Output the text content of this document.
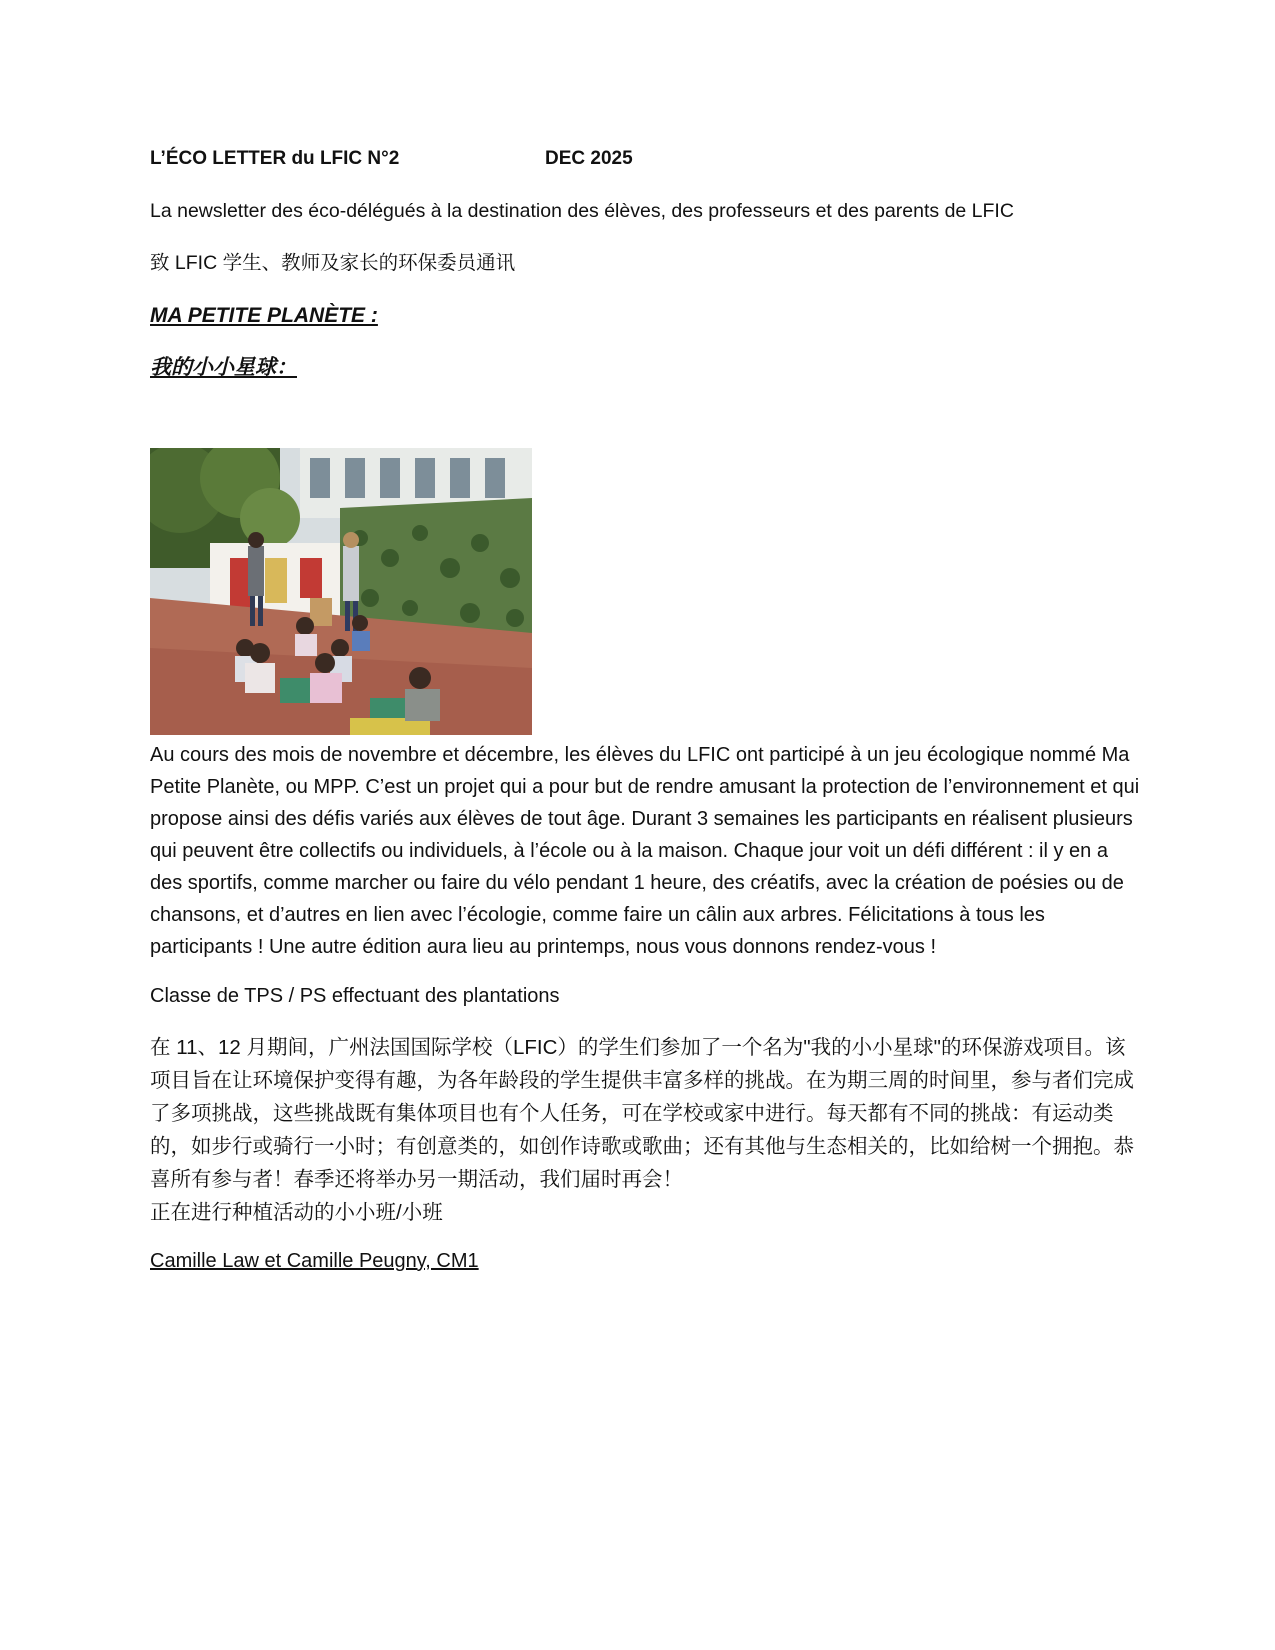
L’ÉCO LETTER du LFIC N°2	DEC 2025

La newsletter des éco-délégués à la destination des élèves, des professeurs et des parents de LFIC

致 LFIC 学生、教师及家长的环保委员通讯

MA PETITE PLANÈTE :

我的小小星球：

Au cours des mois de novembre et décembre, les élèves du LFIC ont participé à un jeu écologique nommé Ma Petite Planète, ou MPP. C’est un projet qui a pour but de rendre amusant la protection de l’environnement et qui propose ainsi des défis variés aux élèves de tout âge. Durant 3 semaines les participants en réalisent plusieurs qui peuvent être collectifs ou individuels, à l’école ou à la maison. Chaque jour voit un défi différent : il y en a des sportifs, comme marcher ou faire du vélo pendant 1 heure, des créatifs, avec la création de poésies ou de chansons, et d’autres en lien avec l’écologie, comme faire un câlin aux arbres. Félicitations à tous les participants ! Une autre édition aura lieu au printemps, nous vous donnons rendez-vous !

Classe de TPS / PS effectuant des plantations

在 11、12 月期间，广州法国国际学校（LFIC）的学生们参加了一个名为"我的小小星球"的环保游戏项目。该项目旨在让环境保护变得有趣，为各年龄段的学生提供丰富多样的挑战。在为期三周的时间里，参与者们完成了多项挑战，这些挑战既有集体项目也有个人任务，可在学校或家中进行。每天都有不同的挑战：有运动类的，如步行或骑行一小时；有创意类的，如创作诗歌或歌曲；还有其他与生态相关的，比如给树一个拥抱。恭喜所有参与者！春季还将举办另一期活动，我们届时再会！

正在进行种植活动的小小班/小班

Camille Law et Camille Peugny, CM1
